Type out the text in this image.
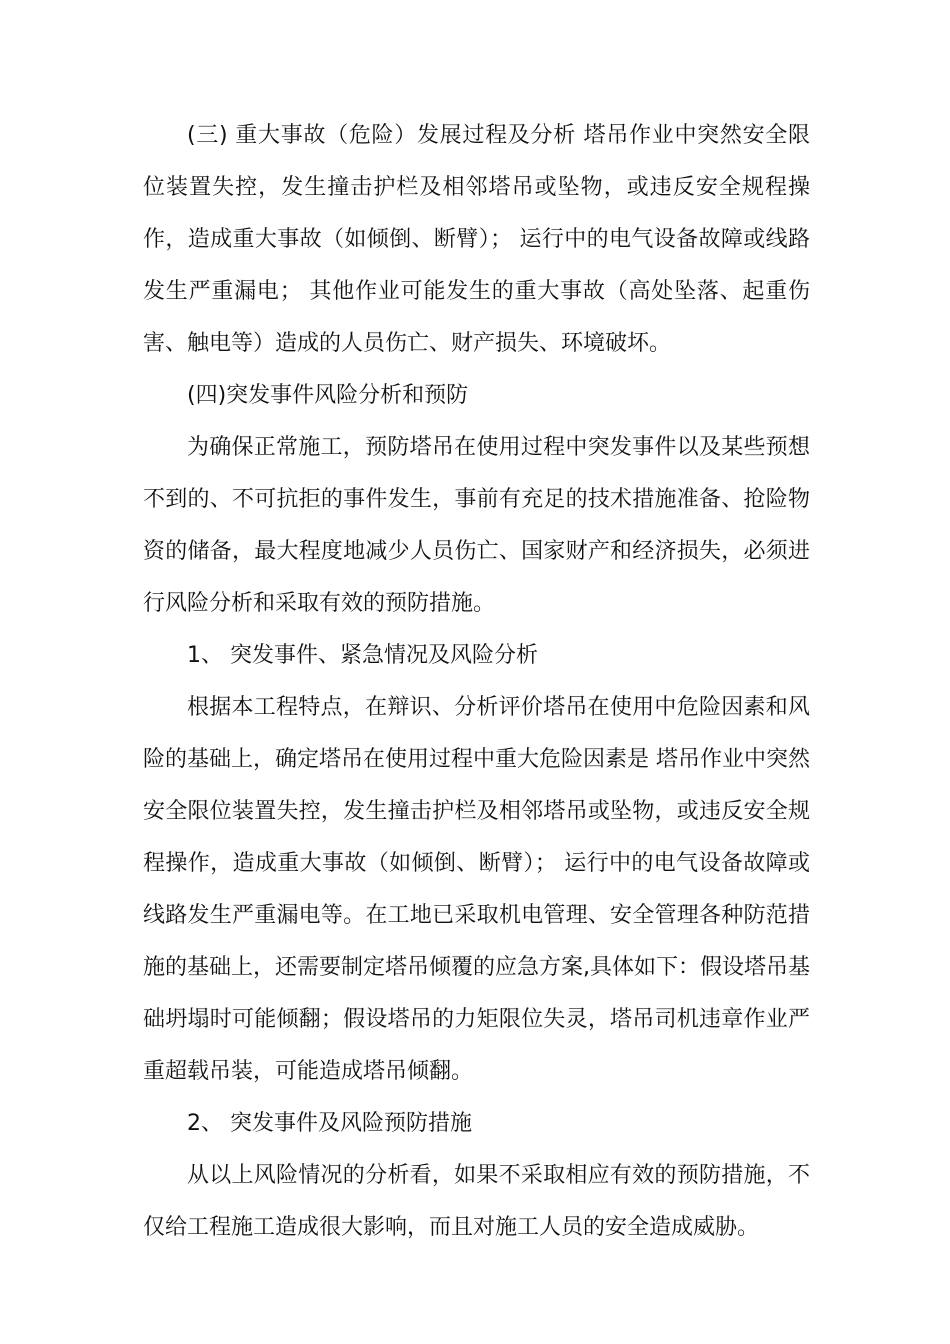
(三) 重大事故（危险）发展过程及分析 塔吊作业中突然安全限位装置失控，发生撞击护栏及相邻塔吊或坠物，或违反安全规程操作，造成重大事故（如倾倒、断臂）； 运行中的电气设备故障或线路发生严重漏电； 其他作业可能发生的重大事故（高处坠落、起重伤害、触电等）造成的人员伤亡、财产损失、环境破坏。

(四)突发事件风险分析和预防

为确保正常施工，预防塔吊在使用过程中突发事件以及某些预想不到的、不可抗拒的事件发生，事前有充足的技术措施准备、抢险物资的储备，最大程度地减少人员伤亡、国家财产和经济损失，必须进行风险分析和采取有效的预防措施。

1、 突发事件、紧急情况及风险分析

根据本工程特点，在辩识、分析评价塔吊在使用中危险因素和风险的基础上，确定塔吊在使用过程中重大危险因素是 塔吊作业中突然安全限位装置失控，发生撞击护栏及相邻塔吊或坠物，或违反安全规程操作，造成重大事故（如倾倒、断臂）； 运行中的电气设备故障或线路发生严重漏电等。在工地已采取机电管理、安全管理各种防范措施的基础上，还需要制定塔吊倾覆的应急方案,具体如下：假设塔吊基础坍塌时可能倾翻；假设塔吊的力矩限位失灵，塔吊司机违章作业严重超载吊装，可能造成塔吊倾翻。

2、 突发事件及风险预防措施

从以上风险情况的分析看，如果不采取相应有效的预防措施，不仅给工程施工造成很大影响，而且对施工人员的安全造成威胁。
